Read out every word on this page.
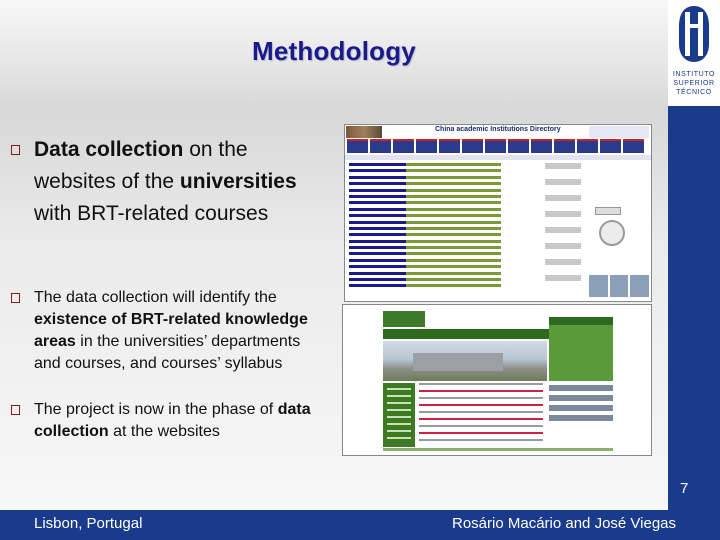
Methodology
INSTITUTO
SUPERIOR
TÉCNICO
Data collection on the websites of the universities with BRT-related courses
The data collection will identify the existence of BRT-related knowledge areas in the universities’ departments and courses, and courses’ syllabus
The project is now in the phase of data collection at the websites
China academic Institutions Directory
Lisbon, Portugal	Rosário Macário and José Viegas
7
